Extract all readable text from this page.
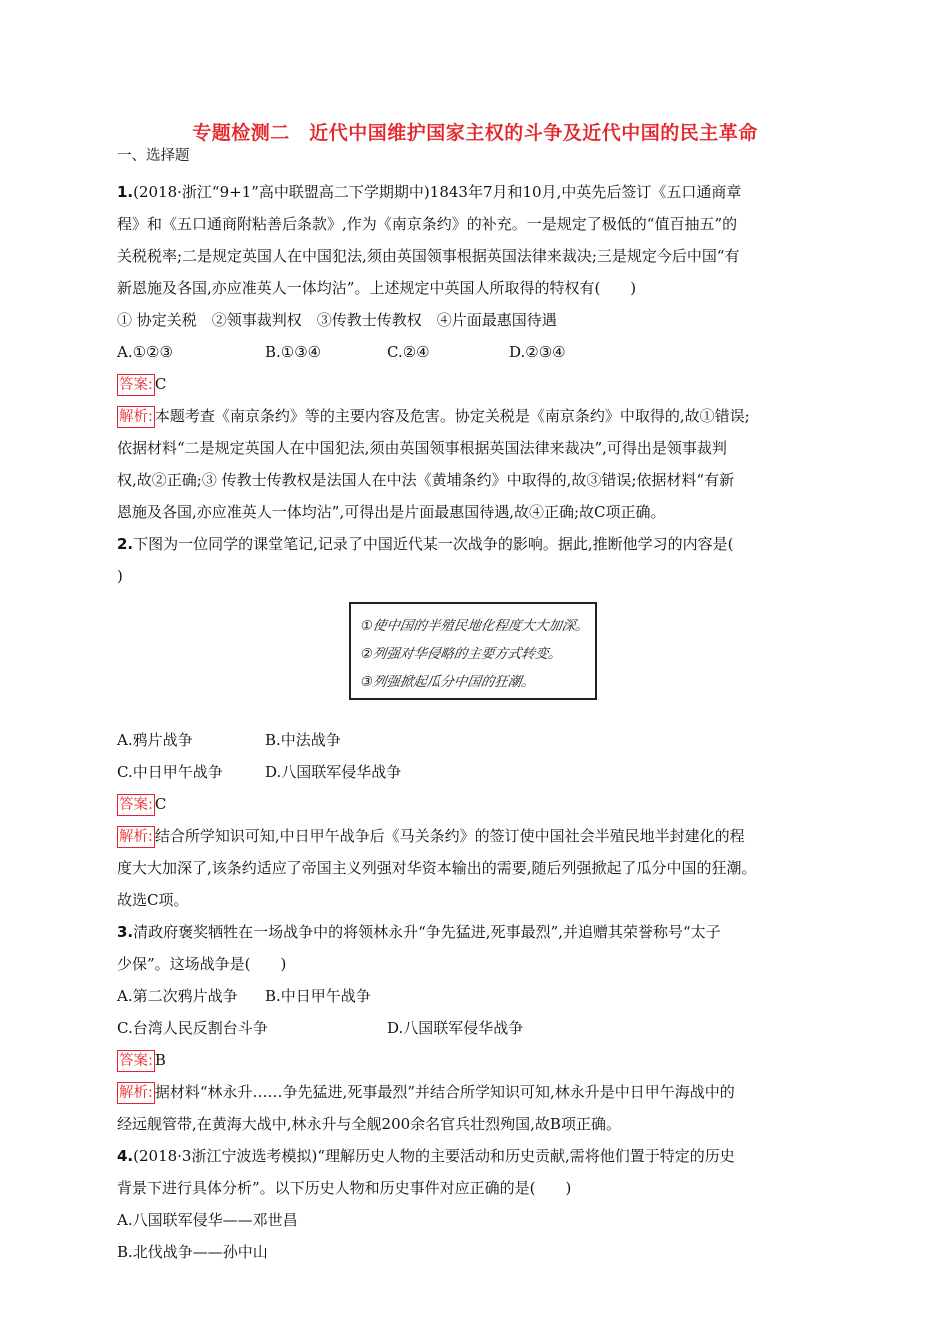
专题检测二　近代中国维护国家主权的斗争及近代中国的民主革命
一、选择题

1.(2018·浙江“9+1”高中联盟高二下学期期中)1843年7月和10月,中英先后签订《五口通商章

程》和《五口通商附粘善后条款》,作为《南京条约》的补充。一是规定了极低的“值百抽五”的

关税税率;二是规定英国人在中国犯法,须由英国领事根据英国法律来裁决;三是规定今后中国“有

新恩施及各国,亦应准英人一体均沾”。上述规定中英国人所取得的特权有(　　)

① 协定关税　②领事裁判权　③传教士传教权　④片面最惠国待遇

A.①②③	B.①③④	C.②④	D.②③④

答案: C

解析: 本题考查《南京条约》等的主要内容及危害。协定关税是《南京条约》中取得的,故①错误;

依据材料“二是规定英国人在中国犯法,须由英国领事根据英国法律来裁决”,可得出是领事裁判

权,故②正确;③ 传教士传教权是法国人在中法《黄埔条约》中取得的,故③错误;依据材料“有新

恩施及各国,亦应准英人一体均沾”,可得出是片面最惠国待遇,故④正确;故C项正确。

2.下图为一位同学的课堂笔记,记录了中国近代某一次战争的影响。据此,推断他学习的内容是(

)

①使中国的半殖民地化程度大大加深。
②列强对华侵略的主要方式转变。
③列强掀起瓜分中国的狂潮。
A.鸦片战争	B.中法战争
C.中日甲午战争	D.八国联军侵华战争

答案: C

解析: 结合所学知识可知,中日甲午战争后《马关条约》的签订使中国社会半殖民地半封建化的程

度大大加深了,该条约适应了帝国主义列强对华资本输出的需要,随后列强掀起了瓜分中国的狂潮。

故选C项。

3.清政府褒奖牺牲在一场战争中的将领林永升“争先猛进,死事最烈”,并追赠其荣誉称号“太子

少保”。这场战争是(　　)

A.第二次鸦片战争	B.中日甲午战争
C.台湾人民反割台斗争	D.八国联军侵华战争

答案: B

解析: 据材料“林永升……争先猛进,死事最烈”并结合所学知识可知,林永升是中日甲午海战中的

经远舰管带,在黄海大战中,林永升与全舰200余名官兵壮烈殉国,故B项正确。

4.(2018·3浙江宁波选考模拟)“理解历史人物的主要活动和历史贡献,需将他们置于特定的历史

背景下进行具体分析”。以下历史人物和历史事件对应正确的是(　　)

A.八国联军侵华——邓世昌

B.北伐战争——孙中山
